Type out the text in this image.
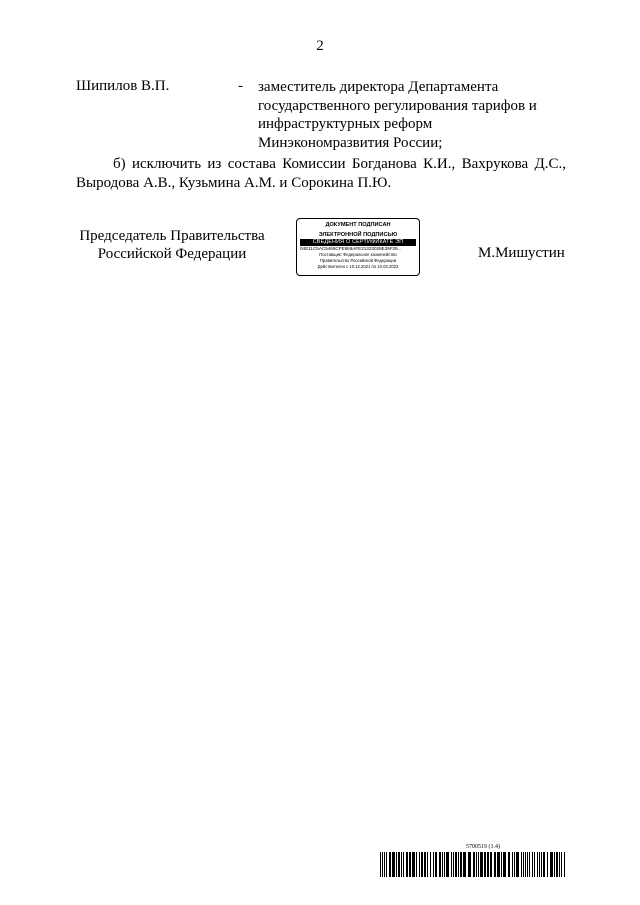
2
Шипилов В.П.	- заместитель директора Департамента
государственного регулирования тарифов и
инфраструктурных реформ
Минэкономразвития России;
б) исключить из состава Комиссии Богданова К.И., Вахрукова Д.С.,
Выродова А.В., Кузьмина А.М. и Сорокина П.Ю.
Председатель Правительства
Российской Федерации
ДОКУМЕНТ ПОДПИСАН
ЭЛЕКТРОННОЙ ПОДПИСЬЮ
СВЕДЕНИЯ О СЕРТИФИКАТЕ ЭП
04E11C5AC5468CFE868AFE21323028E39F29...
Поставщик: Федеральное казначейство
Правительство Российской Федерации
Действителен с 10.12.2021 по 10.03.2023
М.Мишустин
5700519 (1.4)
